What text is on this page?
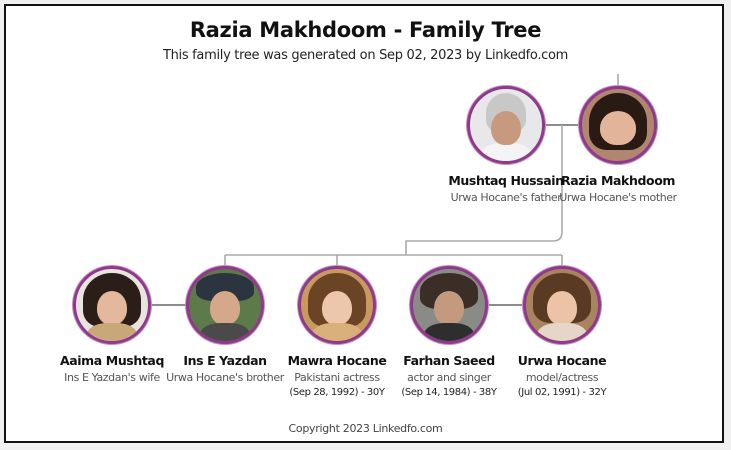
Razia Makhdoom - Family Tree
This family tree was generated on Sep 02, 2023 by Linkedfo.com
Mushtaq Hussain
Urwa Hocane's father
Razia Makhdoom
Urwa Hocane's mother
Aaima Mushtaq
Ins E Yazdan's wife
Ins E Yazdan
Urwa Hocane's brother
Mawra Hocane
Pakistani actress
(Sep 28, 1992) - 30Y
Farhan Saeed
actor and singer
(Sep 14, 1984) - 38Y
Urwa Hocane
model/actress
(Jul 02, 1991) - 32Y
Copyright 2023 Linkedfo.com
